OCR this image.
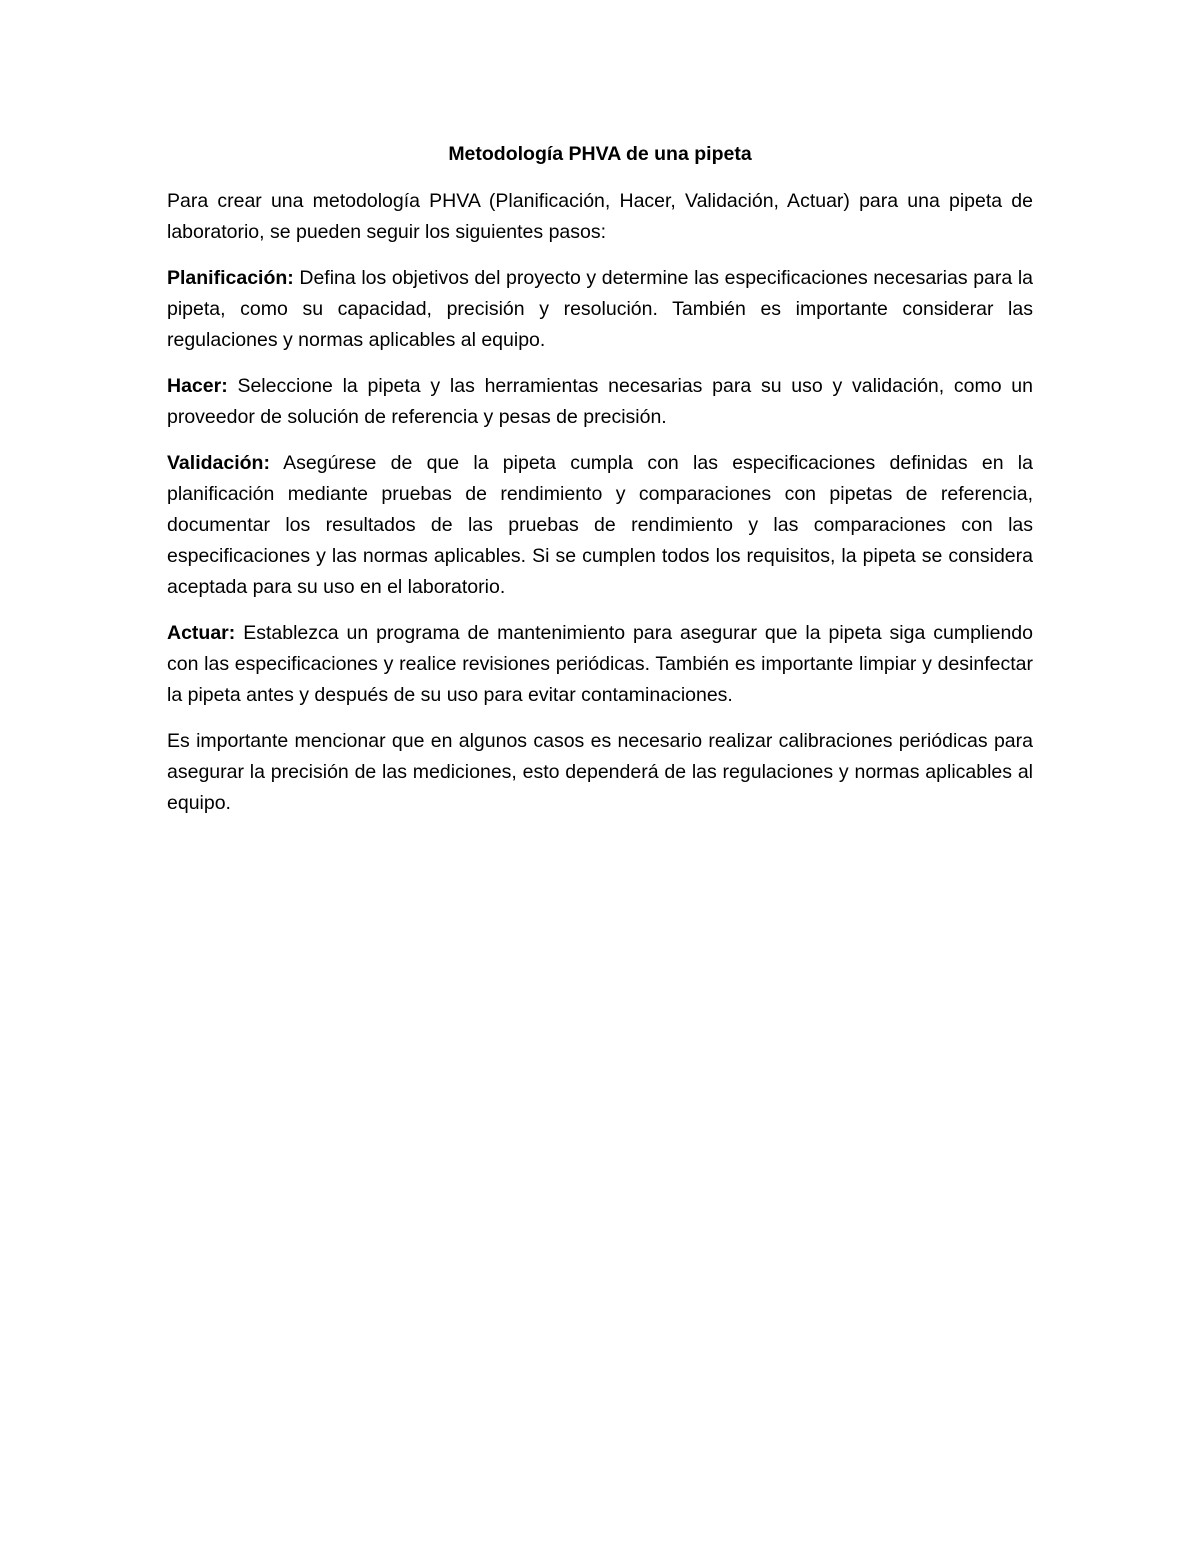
Metodología PHVA de una pipeta

Para crear una metodología PHVA (Planificación, Hacer, Validación, Actuar) para una pipeta de laboratorio, se pueden seguir los siguientes pasos:

Planificación: Defina los objetivos del proyecto y determine las especificaciones necesarias para la pipeta, como su capacidad, precisión y resolución. También es importante considerar las regulaciones y normas aplicables al equipo.

Hacer: Seleccione la pipeta y las herramientas necesarias para su uso y validación, como un proveedor de solución de referencia y pesas de precisión.

Validación: Asegúrese de que la pipeta cumpla con las especificaciones definidas en la planificación mediante pruebas de rendimiento y comparaciones con pipetas de referencia, documentar los resultados de las pruebas de rendimiento y las comparaciones con las especificaciones y las normas aplicables. Si se cumplen todos los requisitos, la pipeta se considera aceptada para su uso en el laboratorio.

Actuar: Establezca un programa de mantenimiento para asegurar que la pipeta siga cumpliendo con las especificaciones y realice revisiones periódicas. También es importante limpiar y desinfectar la pipeta antes y después de su uso para evitar contaminaciones.

Es importante mencionar que en algunos casos es necesario realizar calibraciones periódicas para asegurar la precisión de las mediciones, esto dependerá de las regulaciones y normas aplicables al equipo.
